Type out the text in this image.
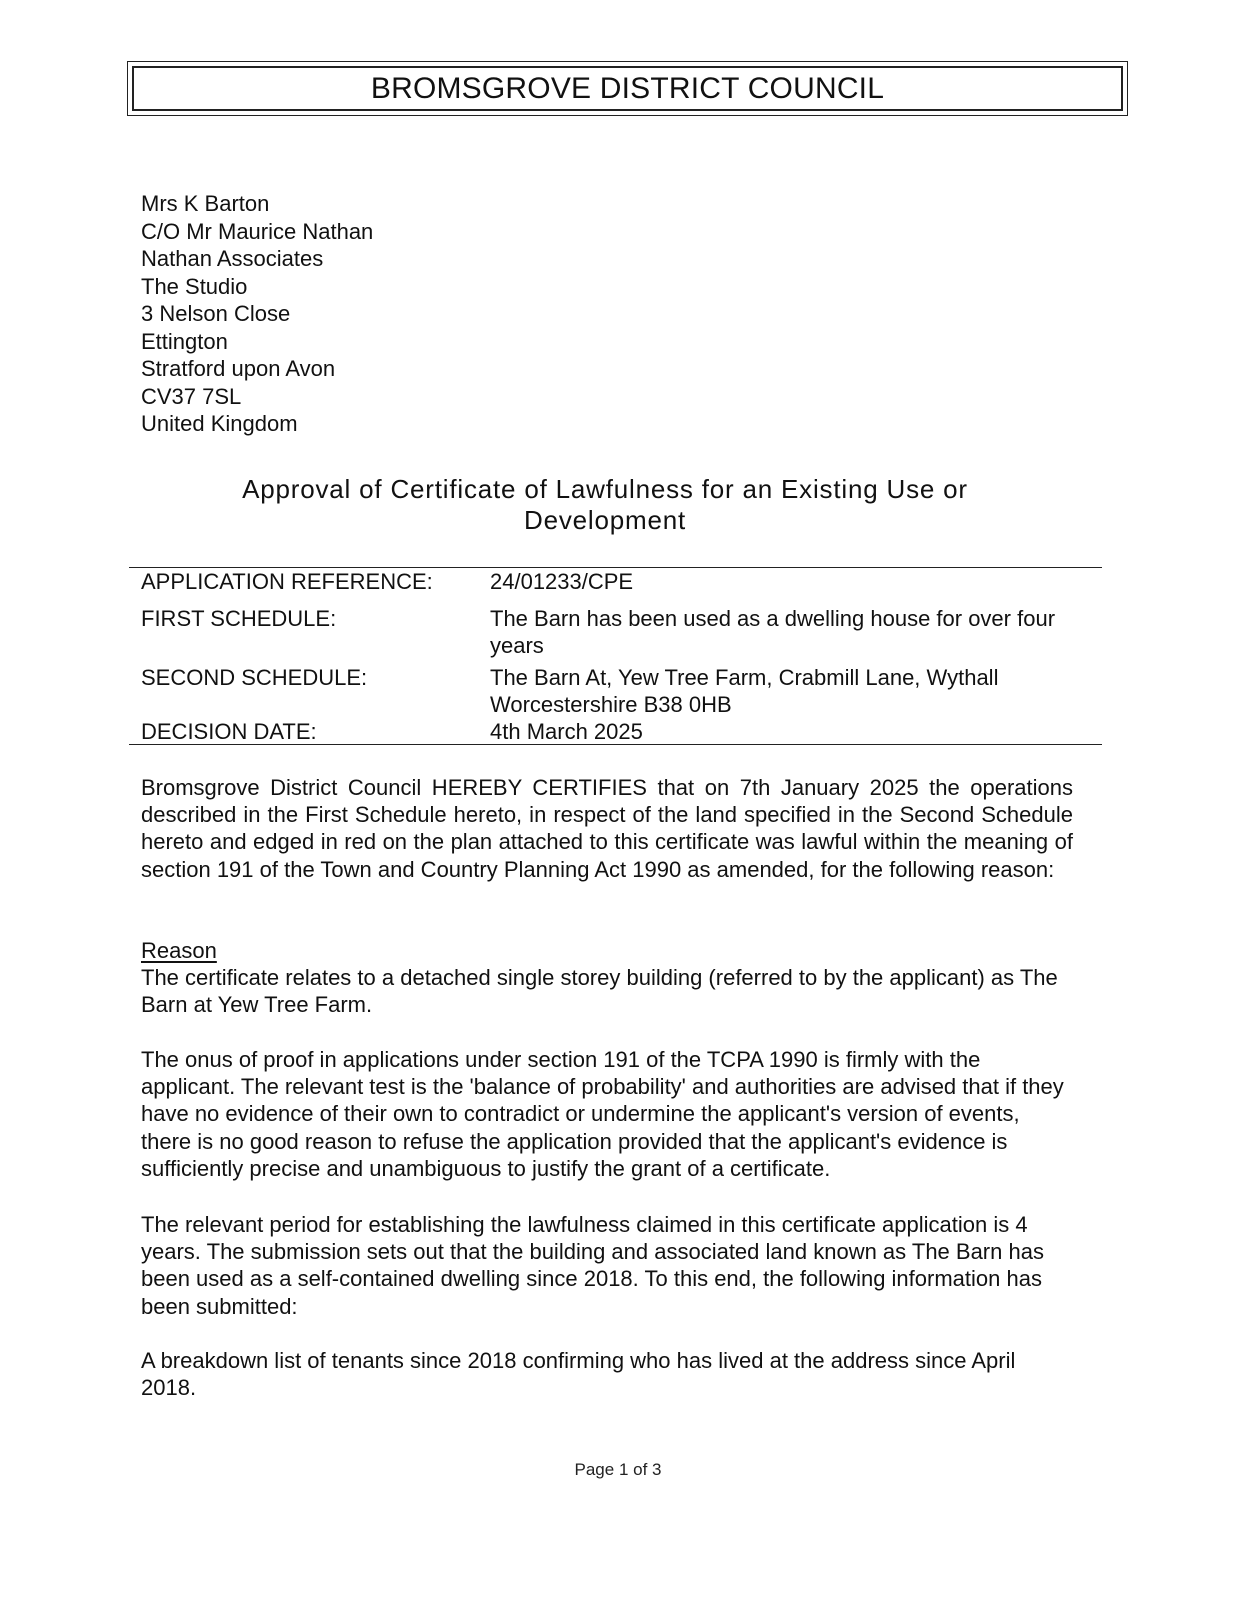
BROMSGROVE DISTRICT COUNCIL
Mrs K Barton
C/O Mr Maurice Nathan
Nathan Associates
The Studio
3 Nelson Close
Ettington
Stratford upon Avon
CV37 7SL
United Kingdom
Approval of Certificate of Lawfulness for an Existing Use or
Development
APPLICATION REFERENCE:	24/01233/CPE
FIRST SCHEDULE:	The Barn has been used as a dwelling house for over four years
SECOND SCHEDULE:	The Barn At, Yew Tree Farm, Crabmill Lane, Wythall
Worcestershire B38 0HB
DECISION DATE:	4th March 2025
Bromsgrove District Council HEREBY CERTIFIES that on 7th January 2025 the operations described in the First Schedule hereto, in respect of the land specified in the Second Schedule hereto and edged in red on the plan attached to this certificate was lawful within the meaning of section 191 of the Town and Country Planning Act 1990 as amended, for the following reason:
Reason
The certificate relates to a detached single storey building (referred to by the applicant) as The Barn at Yew Tree Farm.
The onus of proof in applications under section 191 of the TCPA 1990 is firmly with the applicant. The relevant test is the 'balance of probability' and authorities are advised that if they have no evidence of their own to contradict or undermine the applicant's version of events, there is no good reason to refuse the application provided that the applicant's evidence is sufficiently precise and unambiguous to justify the grant of a certificate.
The relevant period for establishing the lawfulness claimed in this certificate application is 4 years. The submission sets out that the building and associated land known as The Barn has been used as a self-contained dwelling since 2018. To this end, the following information has been submitted:
A breakdown list of tenants since 2018 confirming who has lived at the address since April 2018.
Page 1 of 3
